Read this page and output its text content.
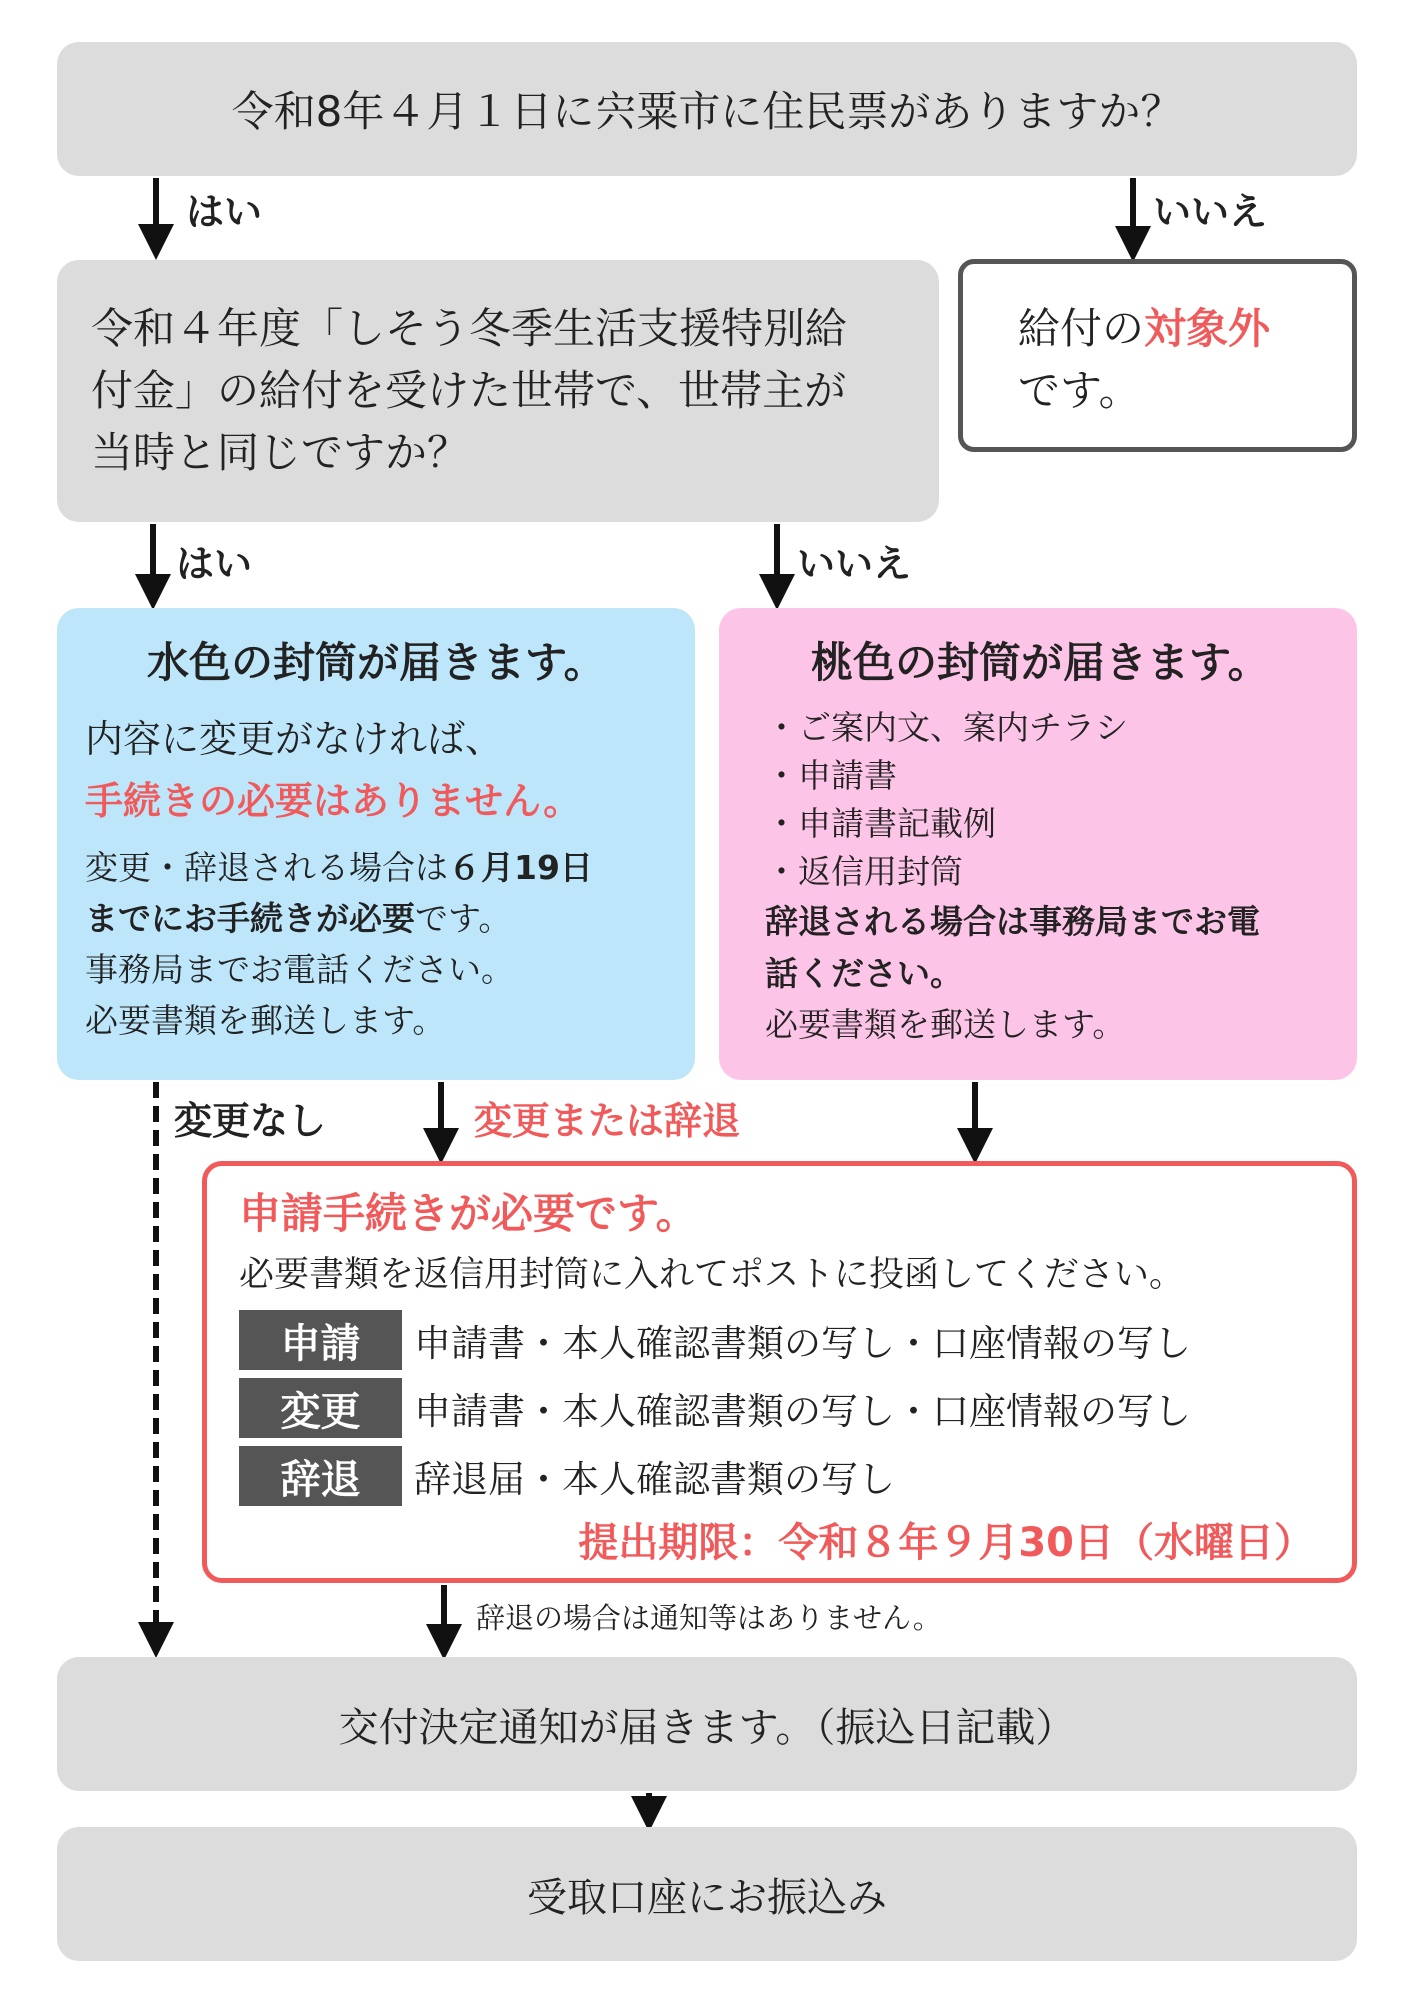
令和8年４月１日に宍粟市に住民票がありますか？
はい	いいえ
令和４年度「しそう冬季生活支援特別給
付金」の給付を受けた世帯で、世帯主が
当時と同じですか？
給付の対象外
です。
はい	いいえ
水色の封筒が届きます。
内容に変更がなければ、
手続きの必要はありません。
変更・辞退される場合は６月19日
までにお手続きが必要です。
事務局までお電話ください。
必要書類を郵送します。
桃色の封筒が届きます。
・ご案内文、案内チラシ
・申請書
・申請書記載例
・返信用封筒
辞退される場合は事務局までお電
話ください。
必要書類を郵送します。
変更なし	変更または辞退
申請手続きが必要です。
必要書類を返信用封筒に入れてポストに投函してください。
申請	申請書・本人確認書類の写し・口座情報の写し
変更	申請書・本人確認書類の写し・口座情報の写し
辞退	辞退届・本人確認書類の写し
提出期限：令和８年９月30日（水曜日）
辞退の場合は通知等はありません。
交付決定通知が届きます。（振込日記載）
受取口座にお振込み
